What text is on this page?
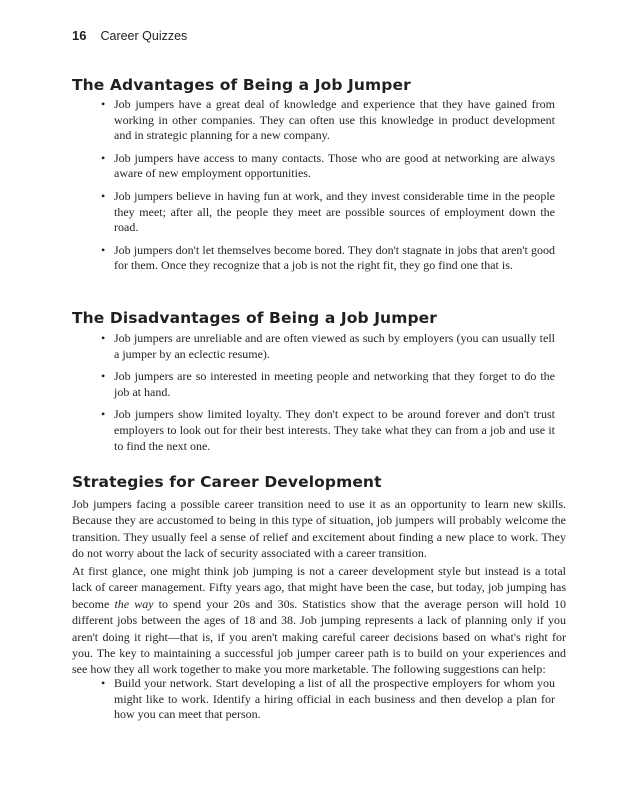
16 Career Quizzes
The Advantages of Being a Job Jumper
• Job jumpers have a great deal of knowledge and experience that they have gained from working in other companies. They can often use this knowledge in product development and in strategic planning for a new company.
• Job jumpers have access to many contacts. Those who are good at networking are always aware of new employment opportunities.
• Job jumpers believe in having fun at work, and they invest considerable time in the people they meet; after all, the people they meet are possible sources of employment down the road.
• Job jumpers don't let themselves become bored. They don't stagnate in jobs that aren't good for them. Once they recognize that a job is not the right fit, they go find one that is.
The Disadvantages of Being a Job Jumper
• Job jumpers are unreliable and are often viewed as such by employers (you can usually tell a jumper by an eclectic resume).
• Job jumpers are so interested in meeting people and networking that they forget to do the job at hand.
• Job jumpers show limited loyalty. They don't expect to be around forever and don't trust employers to look out for their best interests. They take what they can from a job and use it to find the next one.
Strategies for Career Development

Job jumpers facing a possible career transition need to use it as an opportunity to learn new skills. Because they are accustomed to being in this type of situation, job jumpers will probably welcome the transition. They usually feel a sense of relief and excitement about finding a new place to work. They do not worry about the lack of security associated with a career transition.

At first glance, one might think job jumping is not a career development style but instead is a total lack of career management. Fifty years ago, that might have been the case, but today, job jumping has become the way to spend your 20s and 30s. Statistics show that the average person will hold 10 different jobs between the ages of 18 and 38. Job jumping represents a lack of planning only if you aren't doing it right—that is, if you aren't making careful career decisions based on what's right for you. The key to maintaining a successful job jumper career path is to build on your experiences and see how they all work together to make you more marketable. The following suggestions can help:

• Build your network. Start developing a list of all the prospective employers for whom you might like to work. Identify a hiring official in each business and then develop a plan for how you can meet that person.
